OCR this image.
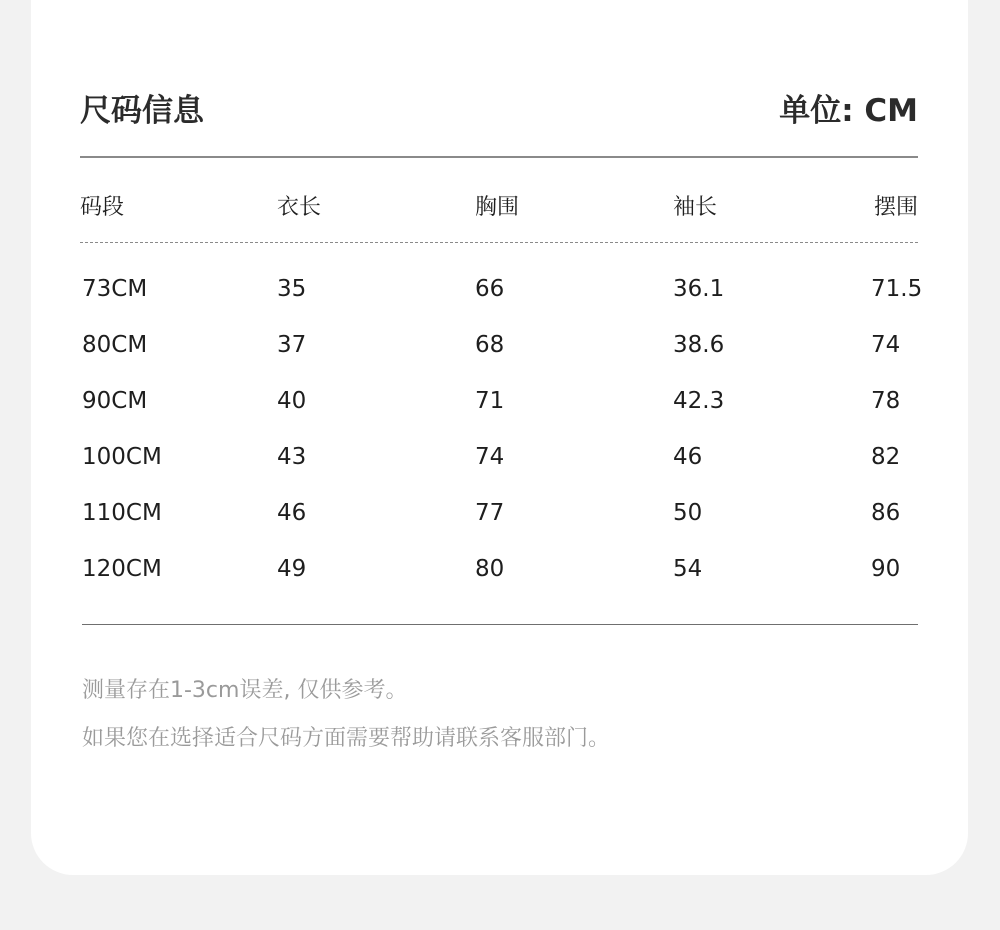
尺码信息	单位: CM
码段	衣长	胸围	袖长	摆围
73CM	35	66	36.1	71.5
80CM	37	68	38.6	74
90CM	40	71	42.3	78
100CM	43	74	46	82
110CM	46	77	50	86
120CM	49	80	54	90
测量存在1-3cm误差, 仅供参考。
如果您在选择适合尺码方面需要帮助请联系客服部门。
